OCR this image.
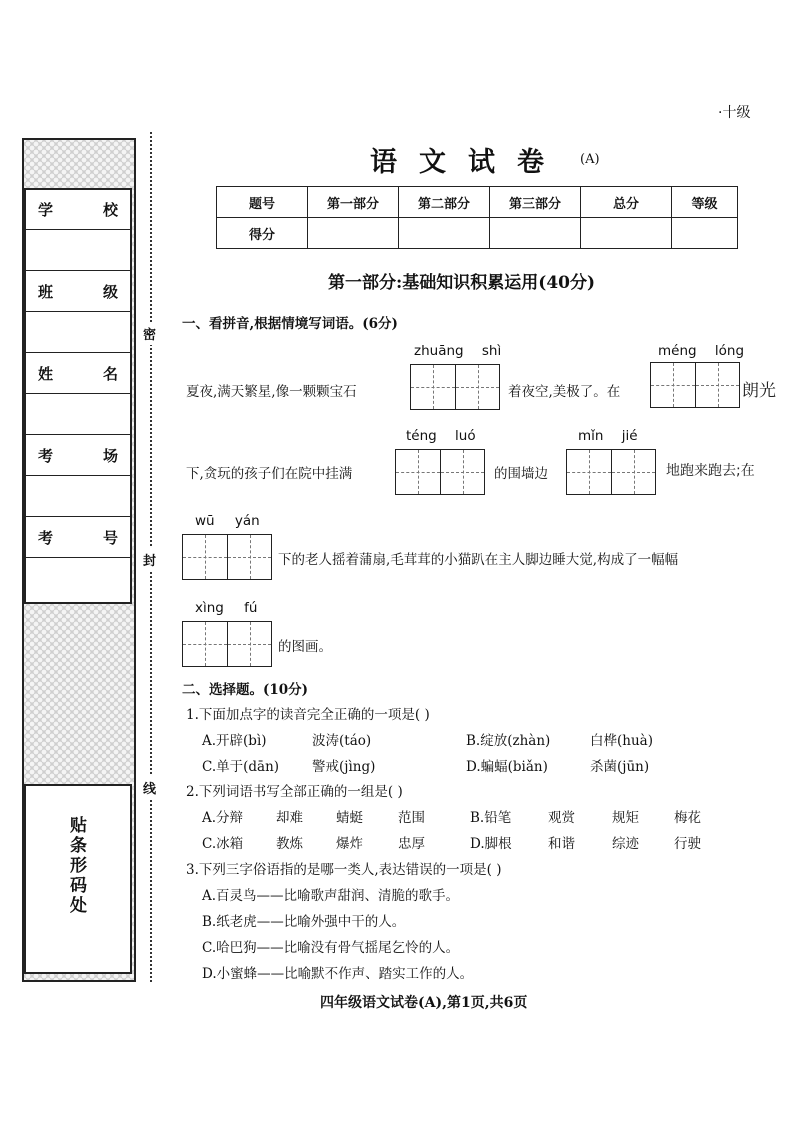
学	校
班	级
姓	名
考	场
考	号
贴条形码处
密
封
线
·十级
语文试卷 (A)
题号	第一部分	第二部分	第三部分	总分	等级
得分					
第一部分:基础知识积累运用(40分)
一、看拼音,根据情境写词语。(6分)
zhuāng shì	méng lóng
夏夜,满天繁星,像一颗颗宝石	着夜空,美极了。在	朗光
téng luó	mǐn jié
下,贪玩的孩子们在院中挂满	的围墙边	地跑来跑去;在
wū yán
下的老人摇着蒲扇,毛茸茸的小猫趴在主人脚边睡大觉,构成了一幅幅
xìng fú
的图画。
二、选择题。(10分)
1.下面加点字的读音完全正确的一项是( )
A.开辟(bì)	波涛(táo)	B.绽放(zhàn)	白桦(huà)
C.单于(dān)	警戒(jìng)	D.蝙蝠(biǎn)	杀菌(jūn)
2.下列词语书写全部正确的一组是( )
A.分辩	却难	蜻蜓	范围	B.铅笔	观赏	规矩	梅花
C.冰箱	教炼	爆炸	忠厚	D.脚根	和谐	综迹	行驶
3.下列三字俗语指的是哪一类人,表达错误的一项是( )
A.百灵鸟——比喻歌声甜润、清脆的歌手。
B.纸老虎——比喻外强中干的人。
C.哈巴狗——比喻没有骨气摇尾乞怜的人。
D.小蜜蜂——比喻默不作声、踏实工作的人。
四年级语文试卷(A),第1页,共6页
